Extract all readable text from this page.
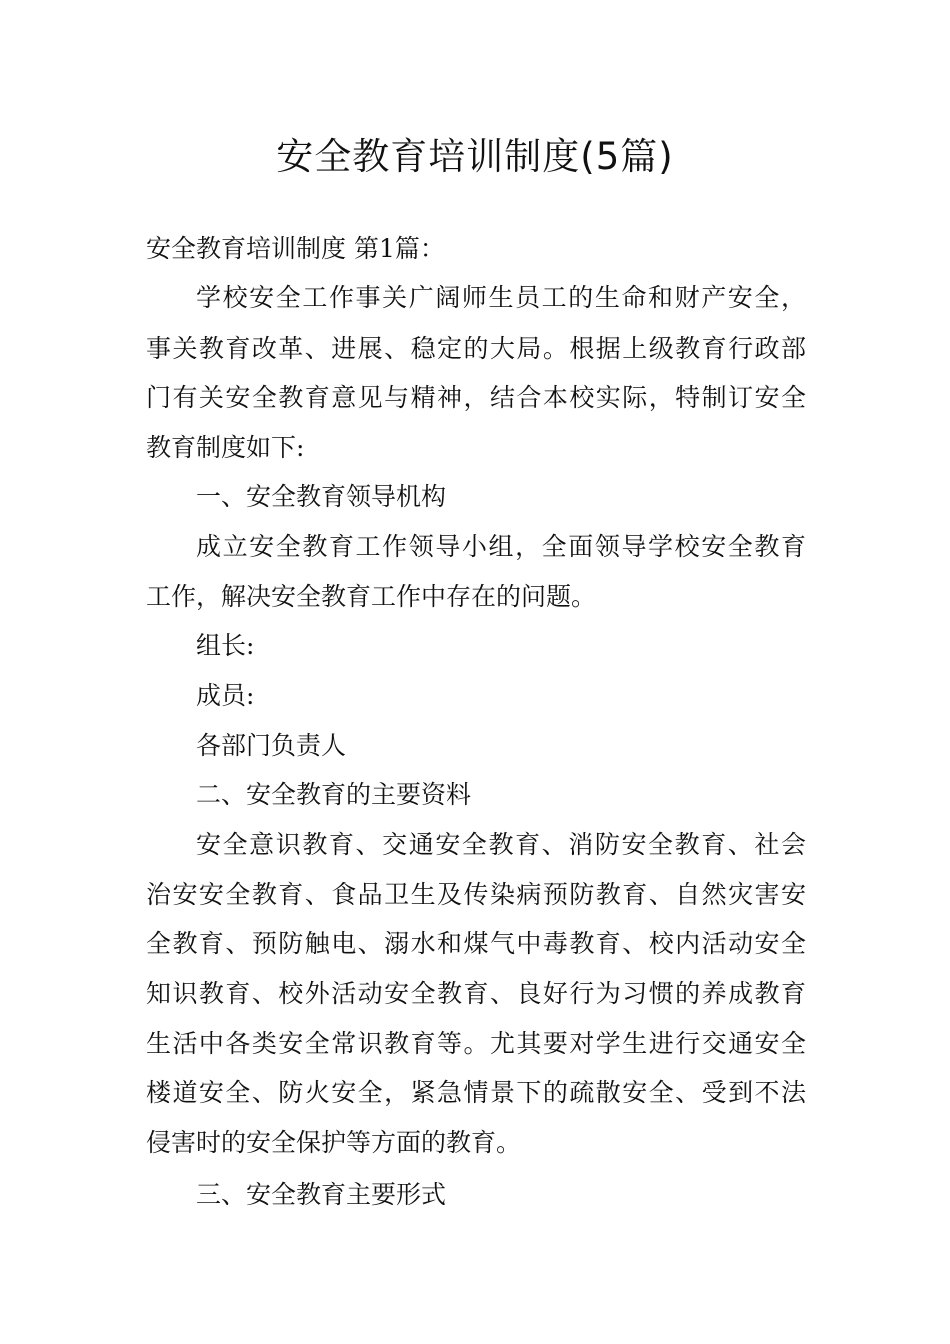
安全教育培训制度(5篇)
安全教育培训制度 第1篇：
学校安全工作事关广阔师生员工的生命和财产安全，
事关教育改革、进展、稳定的大局。根据上级教育行政部
门有关安全教育意见与精神，结合本校实际，特制订安全
教育制度如下:
一、安全教育领导机构
成立安全教育工作领导小组，全面领导学校安全教育
工作，解决安全教育工作中存在的问题。
组长:
成员:
各部门负责人
二、安全教育的主要资料
安全意识教育、交通安全教育、消防安全教育、社会
治安安全教育、食品卫生及传染病预防教育、自然灾害安
全教育、预防触电、溺水和煤气中毒教育、校内活动安全
知识教育、校外活动安全教育、良好行为习惯的养成教育
生活中各类安全常识教育等。尤其要对学生进行交通安全
楼道安全、防火安全，紧急情景下的疏散安全、受到不法
侵害时的安全保护等方面的教育。
三、安全教育主要形式
